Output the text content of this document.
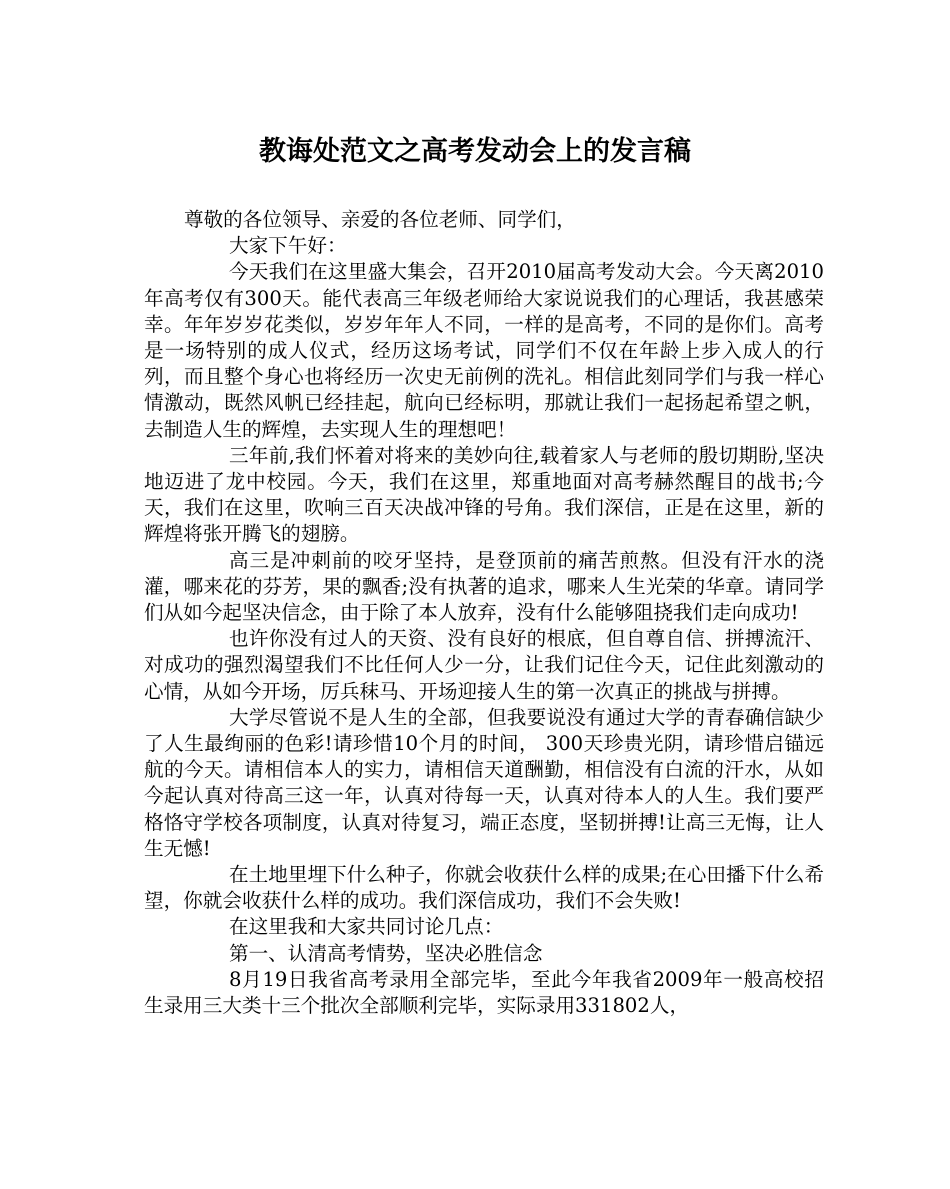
教诲处范文之高考发动会上的发言稿

尊敬的各位领导、亲爱的各位老师、同学们，

大家下午好：

今天我们在这里盛大集会，召开2010届高考发动大会。今天离2010年高考仅有300天。能代表高三年级老师给大家说说我们的心理话，我甚感荣幸。年年岁岁花类似，岁岁年年人不同，一样的是高考，不同的是你们。高考是一场特别的成人仪式，经历这场考试，同学们不仅在年龄上步入成人的行列，而且整个身心也将经历一次史无前例的洗礼。相信此刻同学们与我一样心情激动，既然风帆已经挂起，航向已经标明，那就让我们一起扬起希望之帆，去制造人生的辉煌，去实现人生的理想吧！

三年前,我们怀着对将来的美妙向往,载着家人与老师的殷切期盼,坚决地迈进了龙中校园。今天，我们在这里，郑重地面对高考赫然醒目的战书;今天，我们在这里，吹响三百天决战冲锋的号角。我们深信，正是在这里，新的辉煌将张开腾飞的翅膀。

高三是冲刺前的咬牙坚持，是登顶前的痛苦煎熬。但没有汗水的浇灌，哪来花的芬芳，果的飘香;没有执著的追求，哪来人生光荣的华章。请同学们从如今起坚决信念，由于除了本人放弃，没有什么能够阻挠我们走向成功!

也许你没有过人的天资、没有良好的根底，但自尊自信、拼搏流汗、对成功的强烈渴望我们不比任何人少一分，让我们记住今天，记住此刻激动的心情，从如今开场，厉兵秣马、开场迎接人生的第一次真正的挑战与拼搏。

大学尽管说不是人生的全部，但我要说没有通过大学的青春确信缺少了人生最绚丽的色彩!请珍惜10个月的时间， 300天珍贵光阴，请珍惜启锚远航的今天。请相信本人的实力，请相信天道酬勤，相信没有白流的汗水，从如今起认真对待高三这一年，认真对待每一天，认真对待本人的人生。我们要严格恪守学校各项制度，认真对待复习，端正态度，坚韧拼搏!让高三无悔，让人生无憾!

在土地里埋下什么种子，你就会收获什么样的成果;在心田播下什么希望，你就会收获什么样的成功。我们深信成功，我们不会失败!

在这里我和大家共同讨论几点：

第一、认清高考情势，坚决必胜信念

8月19日我省高考录用全部完毕，至此今年我省2009年一般高校招生录用三大类十三个批次全部顺利完毕，实际录用331802人，
